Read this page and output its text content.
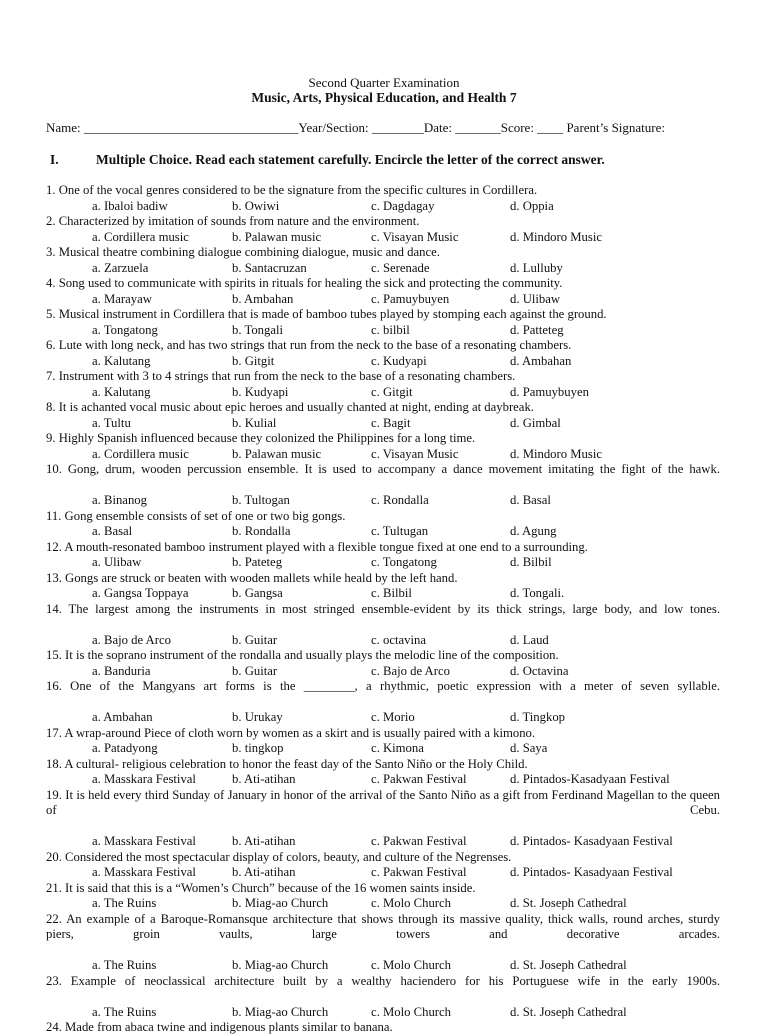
Second Quarter Examination
Music, Arts, Physical Education, and Health 7
Name: _________________________________Year/Section: ________Date: _______Score: ____ Parent’s Signature:
I.	Multiple Choice. Read each statement carefully. Encircle the letter of the correct answer.
1. One of the vocal genres considered to be the signature from the specific cultures in Cordillera.
a. Ibaloi badiw	b. Owiwi	c. Dagdagay	d. Oppia
2. Characterized by imitation of sounds from nature and the environment.
a. Cordillera music	b. Palawan music	c. Visayan Music	d. Mindoro Music
3. Musical theatre combining dialogue combining dialogue, music and dance.
a. Zarzuela	b. Santacruzan	c. Serenade	d. Lulluby
4. Song used to communicate with spirits in rituals for healing the sick and protecting the community.
a. Marayaw	b. Ambahan	c. Pamuybuyen	d. Ulibaw
5. Musical instrument in Cordillera that is made of bamboo tubes played by stomping each against the ground.
a. Tongatong	b. Tongali	c. bilbil	d. Patteteg
6. Lute with long neck, and has two strings that run from the neck to the base of a resonating chambers.
a. Kalutang	b. Gitgit	c. Kudyapi	d. Ambahan
7. Instrument with 3 to 4 strings that run from the neck to the base of a resonating chambers.
a. Kalutang	b. Kudyapi	c. Gitgit	d. Pamuybuyen
8. It is achanted vocal music about epic heroes and usually chanted at night, ending at daybreak.
a. Tultu	b. Kulial	c. Bagit	d. Gimbal
9. Highly Spanish influenced because they colonized the Philippines for a long time.
a. Cordillera music	b. Palawan music	c. Visayan Music	d. Mindoro Music
10. Gong, drum, wooden percussion ensemble. It is used to accompany a dance movement imitating the fight of the hawk.
a. Binanog	b. Tultogan	c. Rondalla	d. Basal
11. Gong ensemble consists of set of one or two big gongs.
a. Basal	b. Rondalla	c. Tultugan	d. Agung
12. A mouth-resonated bamboo instrument played with a flexible tongue fixed at one end to a surrounding.
a. Ulibaw	b. Pateteg	c. Tongatong	d. Bilbil
13. Gongs are struck or beaten with wooden mallets while heald by the left hand.
a. Gangsa Toppaya	b. Gangsa	c. Bilbil	d. Tongali.
14. The largest among the instruments in most stringed ensemble-evident by its thick strings, large body, and low tones.
a. Bajo de Arco	b. Guitar	c. octavina	d. Laud
15. It is the soprano instrument of the rondalla and usually plays the melodic line of the composition.
a. Banduria	b. Guitar	c. Bajo de Arco	d. Octavina
16. One of the Mangyans art forms is the ________, a rhythmic, poetic expression with a meter of seven syllable.
a. Ambahan	b. Urukay	c. Morio	d. Tingkop
17. A wrap-around Piece of cloth worn by women as a skirt and is usually paired with a kimono.
a. Patadyong	b. tingkop	c. Kimona	d. Saya
18. A cultural- religious celebration to honor the feast day of the Santo Niño or the Holy Child.
a. Masskara Festival	b. Ati-atihan	c. Pakwan Festival	d. Pintados-Kasadyaan Festival
19. It is held every third Sunday of January in honor of the arrival of the Santo Niño as a gift from Ferdinand Magellan to the queen of Cebu.
a. Masskara Festival	b. Ati-atihan	c. Pakwan Festival	d. Pintados- Kasadyaan Festival
20. Considered the most spectacular display of colors, beauty, and culture of the Negrenses.
a. Masskara Festival	b. Ati-atihan	c. Pakwan Festival	d. Pintados- Kasadyaan Festival
21. It is said that this is a “Women’s Church” because of the 16 women saints inside.
a. The Ruins	b. Miag-ao Church	c. Molo Church	d. St. Joseph Cathedral
22. An example of a Baroque-Romansque architecture that shows through its massive quality, thick walls, round arches, sturdy piers, groin vaults, large towers and decorative arcades.
a. The Ruins	b. Miag-ao Church	c. Molo Church	d. St. Joseph Cathedral
23. Example of neoclassical architecture built by a wealthy haciendero for his Portuguese wife in the early 1900s.
a. The Ruins	b. Miag-ao Church	c. Molo Church	d. St. Joseph Cathedral
24. Made from abaca twine and indigenous plants similar to banana.
